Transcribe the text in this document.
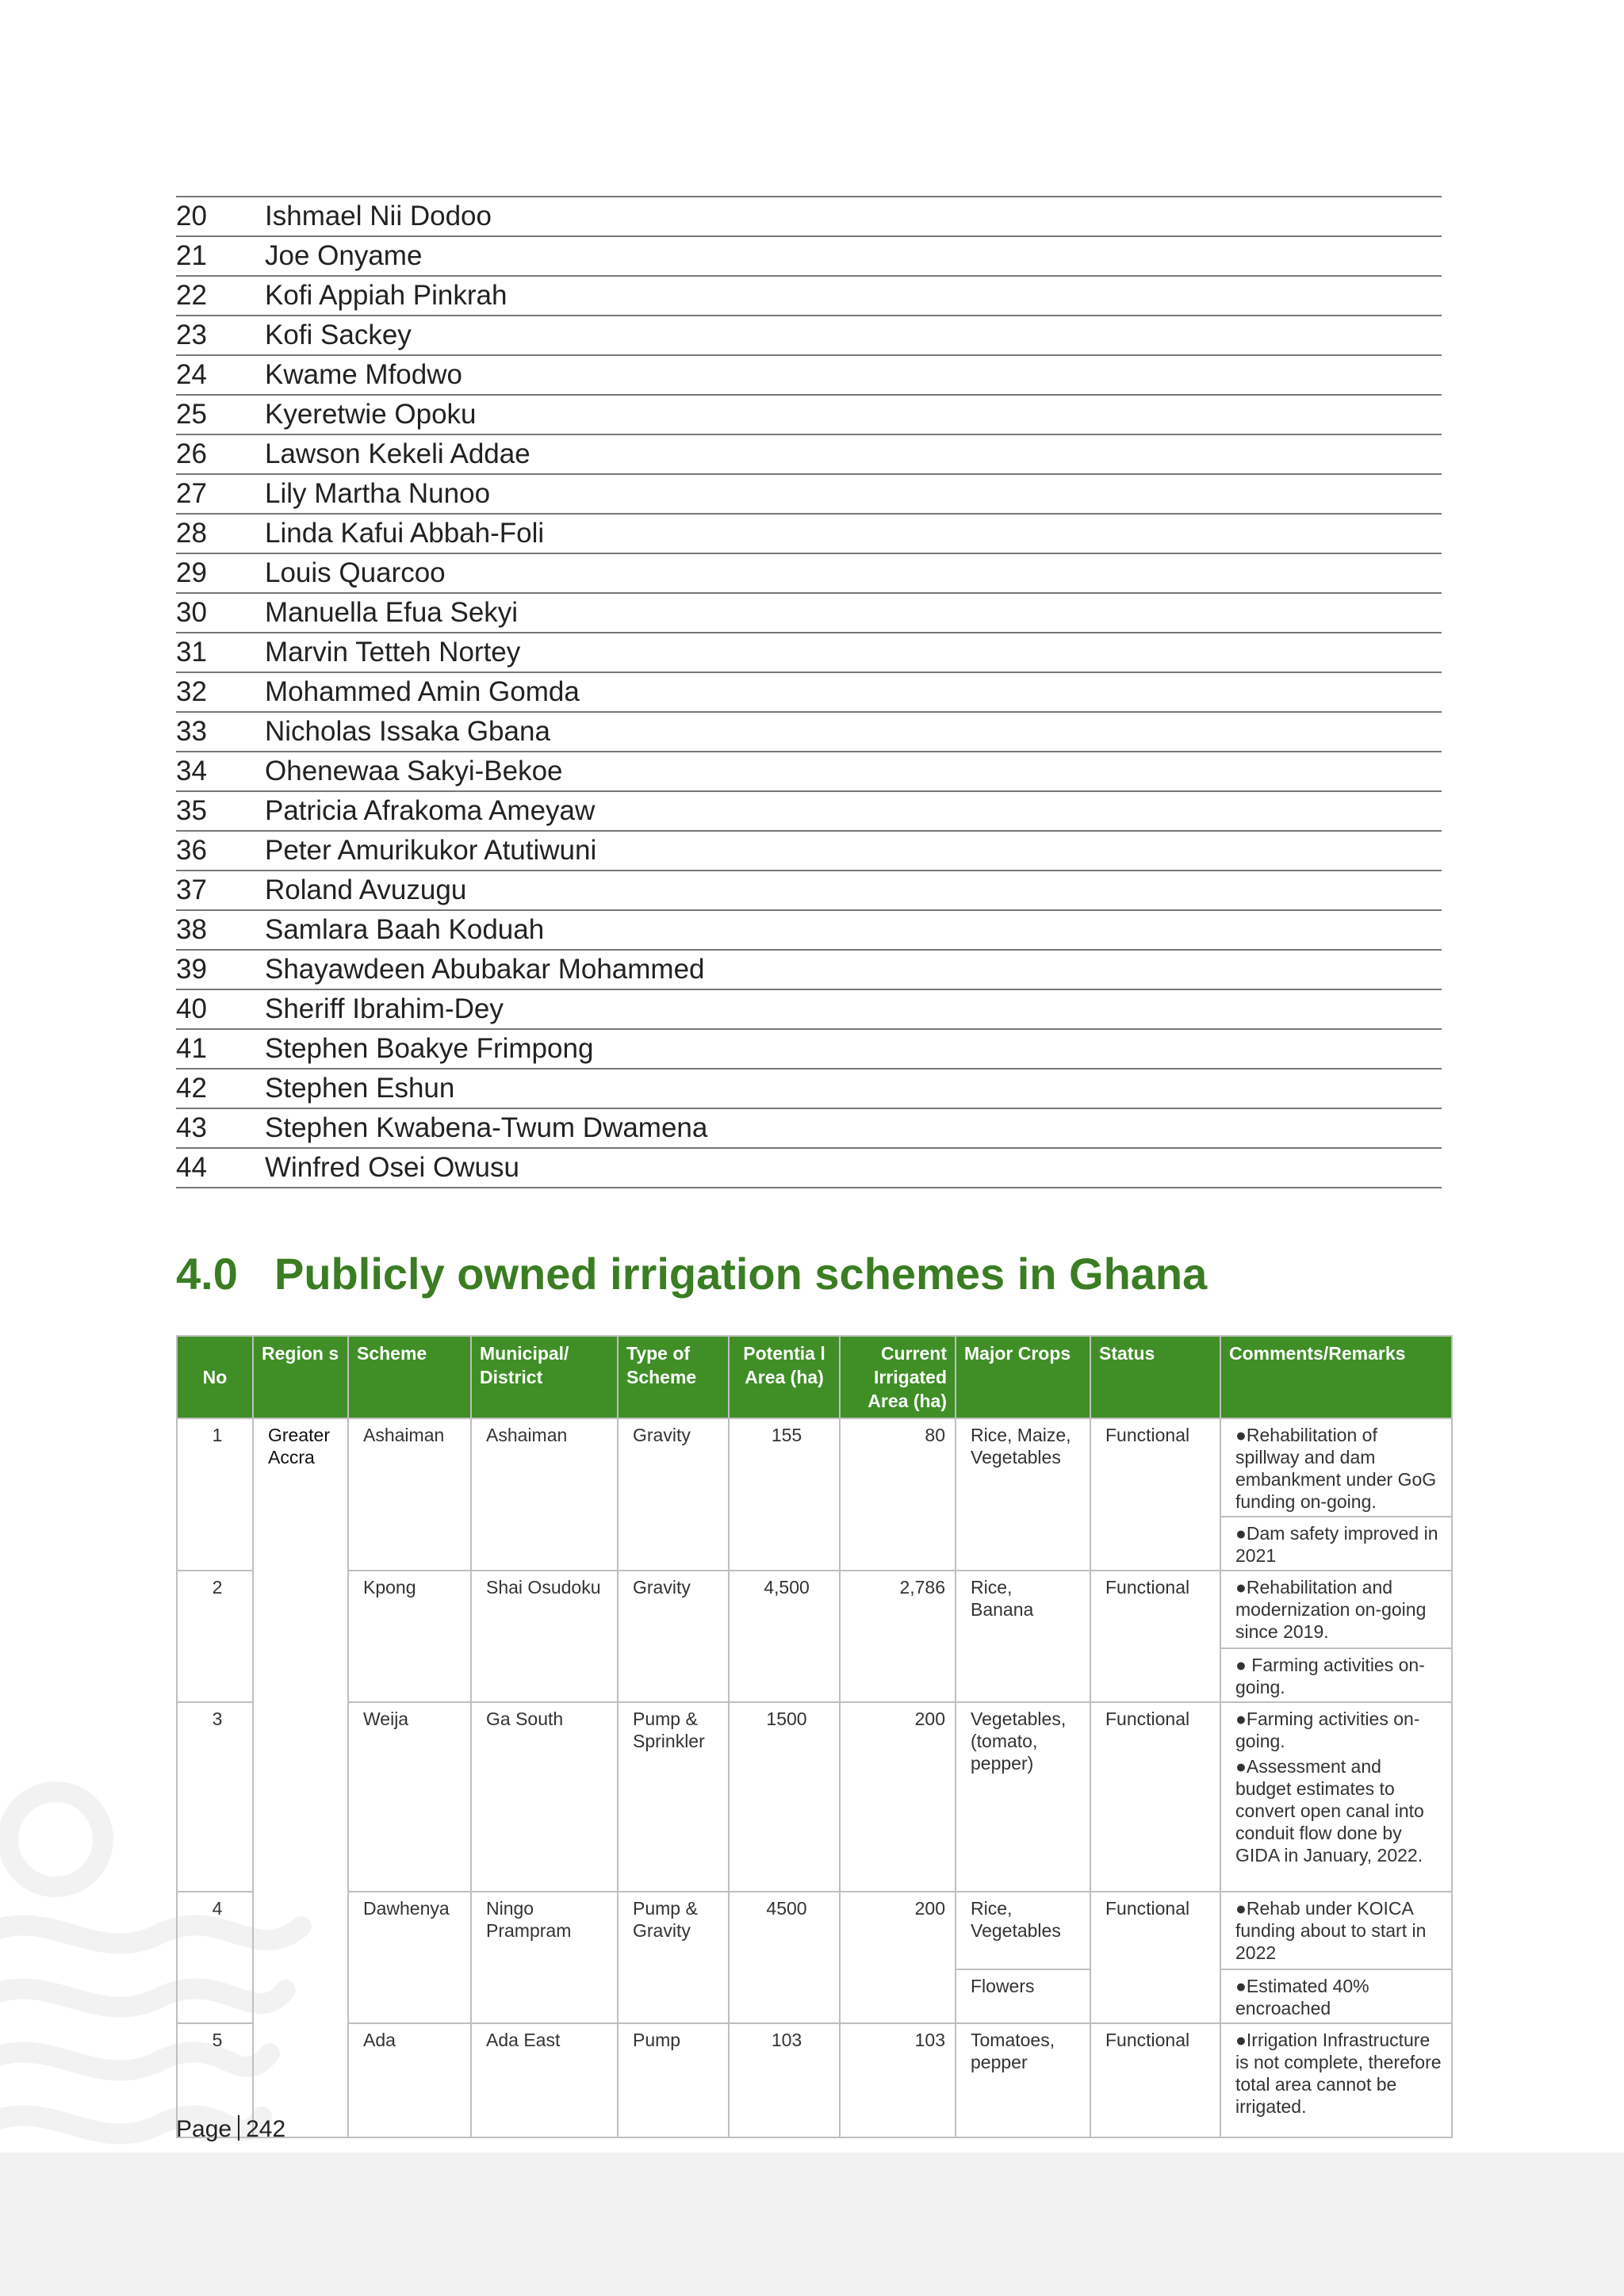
20	Ishmael Nii Dodoo
21	Joe Onyame
22	Kofi Appiah Pinkrah
23	Kofi Sackey
24	Kwame Mfodwo
25	Kyeretwie Opoku
26	Lawson Kekeli Addae
27	Lily Martha Nunoo
28	Linda Kafui Abbah-Foli
29	Louis Quarcoo
30	Manuella Efua Sekyi
31	Marvin Tetteh Nortey
32	Mohammed Amin Gomda
33	Nicholas Issaka Gbana
34	Ohenewaa Sakyi-Bekoe
35	Patricia Afrakoma Ameyaw
36	Peter Amurikukor Atutiwuni
37	Roland Avuzugu
38	Samlara Baah Koduah
39	Shayawdeen Abubakar Mohammed
40	Sheriff Ibrahim-Dey
41	Stephen Boakye Frimpong
42	Stephen Eshun
43	Stephen Kwabena-Twum Dwamena
44	Winfred Osei Owusu
4.0 Publicly owned irrigation schemes in Ghana
No	Region s	Scheme	Municipal/ District	Type of Scheme	Potentia l Area (ha)	Current Irrigated Area (ha)	Major Crops	Status	Comments/Remarks
1	Greater Accra	Ashaiman	Ashaiman	Gravity	155	80	Rice, Maize, Vegetables	Functional	●Rehabilitation of spillway and dam embankment under GoG funding on-going.
									●Dam safety improved in 2021
2		Kpong	Shai Osudoku	Gravity	4,500	2,786	Rice, Banana	Functional	●Rehabilitation and modernization on-going since 2019.
									● Farming activities on-going.
3		Weija	Ga South	Pump & Sprinkler	1500	200	Vegetables, (tomato, pepper)	Functional	●Farming activities on-going.
									●Assessment and budget estimates to convert open canal into conduit flow done by GIDA in January, 2022.
4		Dawhenya	Ningo Prampram	Pump & Gravity	4500	200	Rice, Vegetables	Functional	●Rehab under KOICA funding about to start in 2022
							Flowers		●Estimated 40% encroached
5		Ada	Ada East	Pump	103	103	Tomatoes, pepper	Functional	●Irrigation Infrastructure is not complete, therefore total area cannot be irrigated.
Page 242
